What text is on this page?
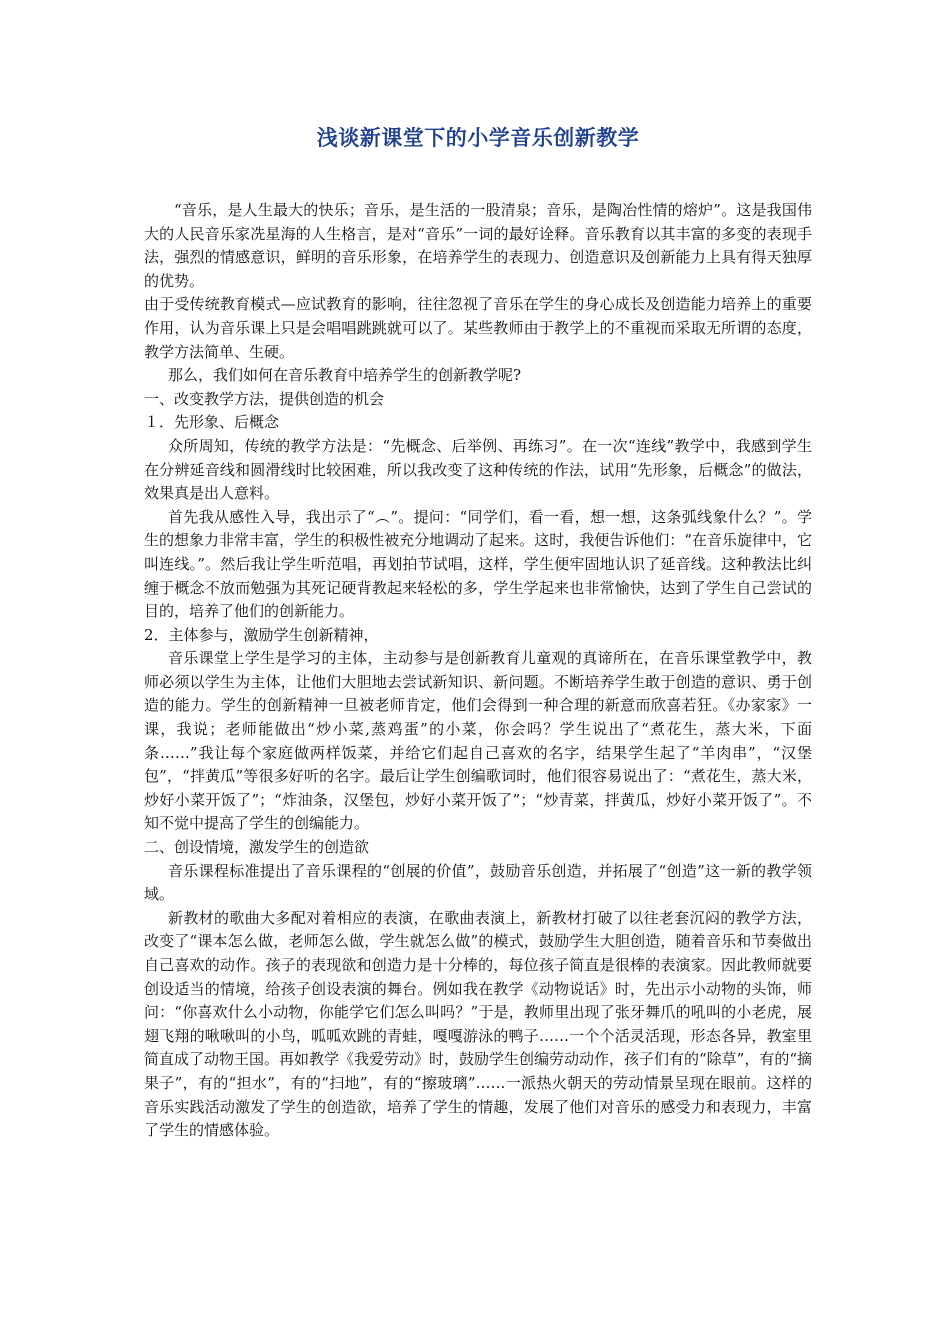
浅谈新课堂下的小学音乐创新教学

“音乐，是人生最大的快乐；音乐，是生活的一股清泉；音乐，是陶冶性情的熔炉”。这是我国伟大的人民音乐家冼星海的人生格言，是对“音乐”一词的最好诠释。音乐教育以其丰富的多变的表现手法，强烈的情感意识，鲜明的音乐形象，在培养学生的表现力、创造意识及创新能力上具有得天独厚的优势。

由于受传统教育模式—应试教育的影响，往往忽视了音乐在学生的身心成长及创造能力培养上的重要作用，认为音乐课上只是会唱唱跳跳就可以了。某些教师由于教学上的不重视而采取无所谓的态度，教学方法简单、生硬。

那么，我们如何在音乐教育中培养学生的创新教学呢?

一、改变教学方法，提供创造的机会

１．先形象、后概念

众所周知，传统的教学方法是：“先概念、后举例、再练习”。在一次“连线”教学中，我感到学生在分辨延音线和圆滑线时比较困难，所以我改变了这种传统的作法，试用“先形象，后概念”的做法，效果真是出人意料。

首先我从感性入导，我出示了“︵”。提问：“同学们，看一看，想一想，这条弧线象什么？”。学生的想象力非常丰富，学生的积极性被充分地调动了起来。这时，我便告诉他们：“在音乐旋律中，它叫连线。”。然后我让学生听范唱，再划拍节试唱，这样，学生便牢固地认识了延音线。这种教法比纠缠于概念不放而勉强为其死记硬背教起来轻松的多，学生学起来也非常愉快，达到了学生自己尝试的目的，培养了他们的创新能力。

2．主体参与，激励学生创新精神，

音乐课堂上学生是学习的主体，主动参与是创新教育儿童观的真谛所在，在音乐课堂教学中，教师必须以学生为主体，让他们大胆地去尝试新知识、新问题。不断培养学生敢于创造的意识、勇于创造的能力。学生的创新精神一旦被老师肯定，他们会得到一种合理的新意而欣喜若狂。《办家家》一课，我说；老师能做出“炒小菜,蒸鸡蛋”的小菜，你会吗？学生说出了“煮花生，蒸大米，下面条……”我让每个家庭做两样饭菜，并给它们起自己喜欢的名字，结果学生起了“羊肉串”，“汉堡包”，“拌黄瓜”等很多好听的名字。最后让学生创编歌词时，他们很容易说出了：“煮花生，蒸大米，炒好小菜开饭了”；“炸油条，汉堡包，炒好小菜开饭了”；“炒青菜，拌黄瓜，炒好小菜开饭了”。不知不觉中提高了学生的创编能力。

二、创设情境，激发学生的创造欲

音乐课程标准提出了音乐课程的“创展的价值”，鼓励音乐创造，并拓展了“创造”这一新的教学领域。

新教材的歌曲大多配对着相应的表演，在歌曲表演上，新教材打破了以往老套沉闷的教学方法，改变了“课本怎么做，老师怎么做，学生就怎么做”的模式，鼓励学生大胆创造，随着音乐和节奏做出自己喜欢的动作。孩子的表现欲和创造力是十分棒的，每位孩子简直是很棒的表演家。因此教师就要创设适当的情境，给孩子创设表演的舞台。例如我在教学《动物说话》时，先出示小动物的头饰，师问：“你喜欢什么小动物，你能学它们怎么叫吗？”于是，教师里出现了张牙舞爪的吼叫的小老虎，展翅飞翔的啾啾叫的小鸟，呱呱欢跳的青蛙，嘎嘎游泳的鸭子……一个个活灵活现，形态各异，教室里简直成了动物王国。再如教学《我爱劳动》时，鼓励学生创编劳动动作，孩子们有的“除草”，有的“摘果子”，有的“担水”，有的“扫地”，有的“擦玻璃”……一派热火朝天的劳动情景呈现在眼前。这样的音乐实践活动激发了学生的创造欲，培养了学生的情趣，发展了他们对音乐的感受力和表现力，丰富了学生的情感体验。
